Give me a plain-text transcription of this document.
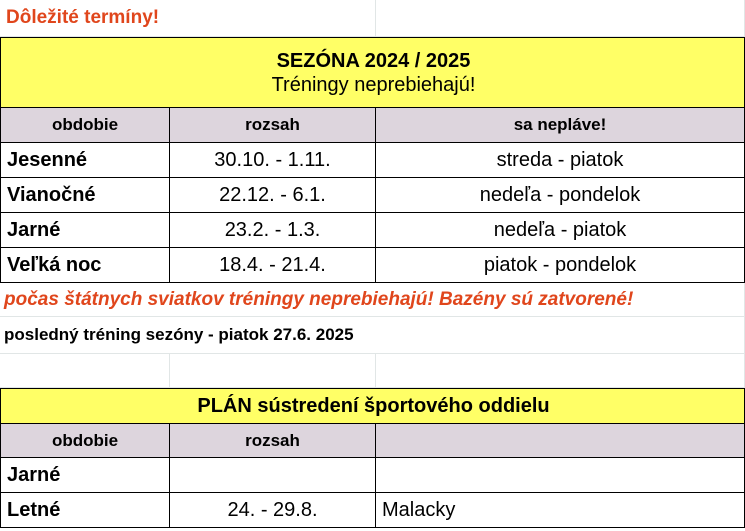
Dôležité termíny!
SEZÓNA 2024 / 2025
Tréningy neprebiehajú!
obdobie	rozsah	sa neplávе!
Jesenné	30.10. - 1.11.	streda - piatok
Vianočné	22.12. - 6.1.	nedeľa - pondelok
Jarné	23.2. - 1.3.	nedeľa - piatok
Veľká noc	18.4. - 21.4.	piatok - pondelok
počas štátnych sviatkov tréningy neprebiehajú! Bazény sú zatvorené!
posledný tréning sezóny - piatok 27.6. 2025
PLÁN sústredení športového oddielu
obdobie	rozsah
Jarné
Letné	24. - 29.8.	Malacky
